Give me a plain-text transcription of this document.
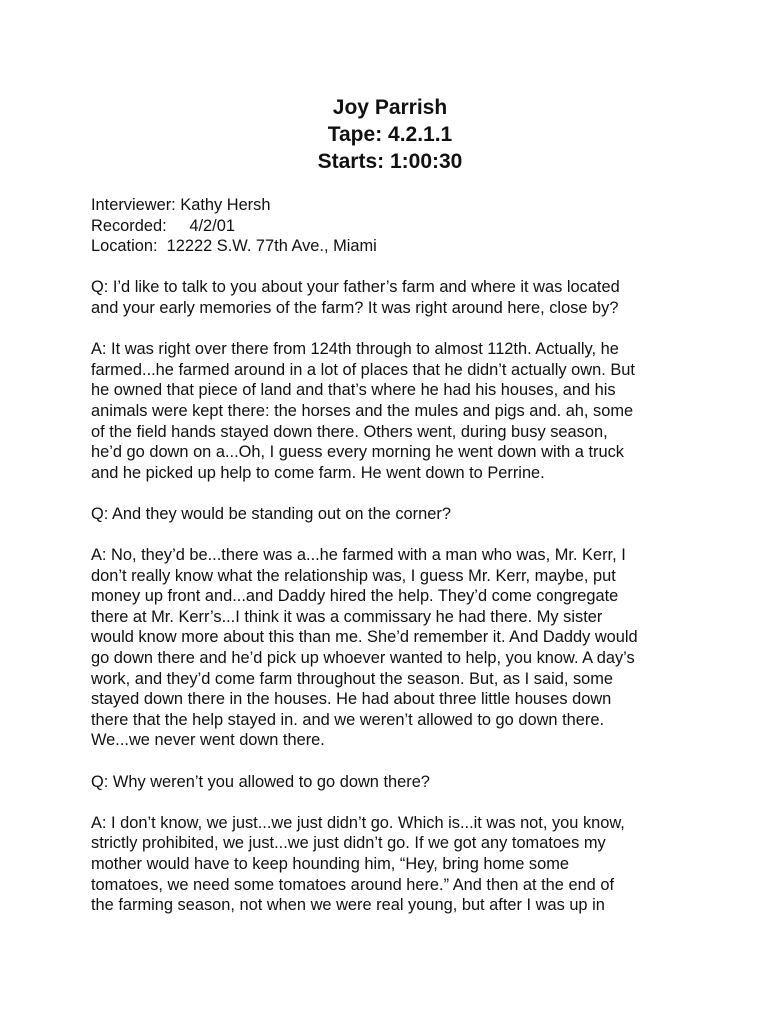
Joy Parrish
Tape: 4.2.1.1
Starts: 1:00:30
Interviewer: Kathy Hersh
Recorded:     4/2/01
Location:  12222 S.W. 77th Ave., Miami

Q: I’d like to talk to you about your father’s farm and where it was located
and your early memories of the farm? It was right around here, close by?

A: It was right over there from 124th through to almost 112th. Actually, he
farmed...he farmed around in a lot of places that he didn’t actually own. But
he owned that piece of land and that’s where he had his houses, and his
animals were kept there: the horses and the mules and pigs and. ah, some
of the field hands stayed down there. Others went, during busy season,
he’d go down on a...Oh, I guess every morning he went down with a truck
and he picked up help to come farm. He went down to Perrine.

Q: And they would be standing out on the corner?

A: No, they’d be...there was a...he farmed with a man who was, Mr. Kerr, I
don’t really know what the relationship was, I guess Mr. Kerr, maybe, put
money up front and...and Daddy hired the help. They’d come congregate
there at Mr. Kerr’s...I think it was a commissary he had there. My sister
would know more about this than me. She’d remember it. And Daddy would
go down there and he’d pick up whoever wanted to help, you know. A day’s
work, and they’d come farm throughout the season. But, as I said, some
stayed down there in the houses. He had about three little houses down
there that the help stayed in. and we weren’t allowed to go down there.
We...we never went down there.

Q: Why weren’t you allowed to go down there?

A: I don’t know, we just...we just didn’t go. Which is...it was not, you know,
strictly prohibited, we just...we just didn’t go. If we got any tomatoes my
mother would have to keep hounding him, “Hey, bring home some
tomatoes, we need some tomatoes around here.” And then at the end of
the farming season, not when we were real young, but after I was up in
